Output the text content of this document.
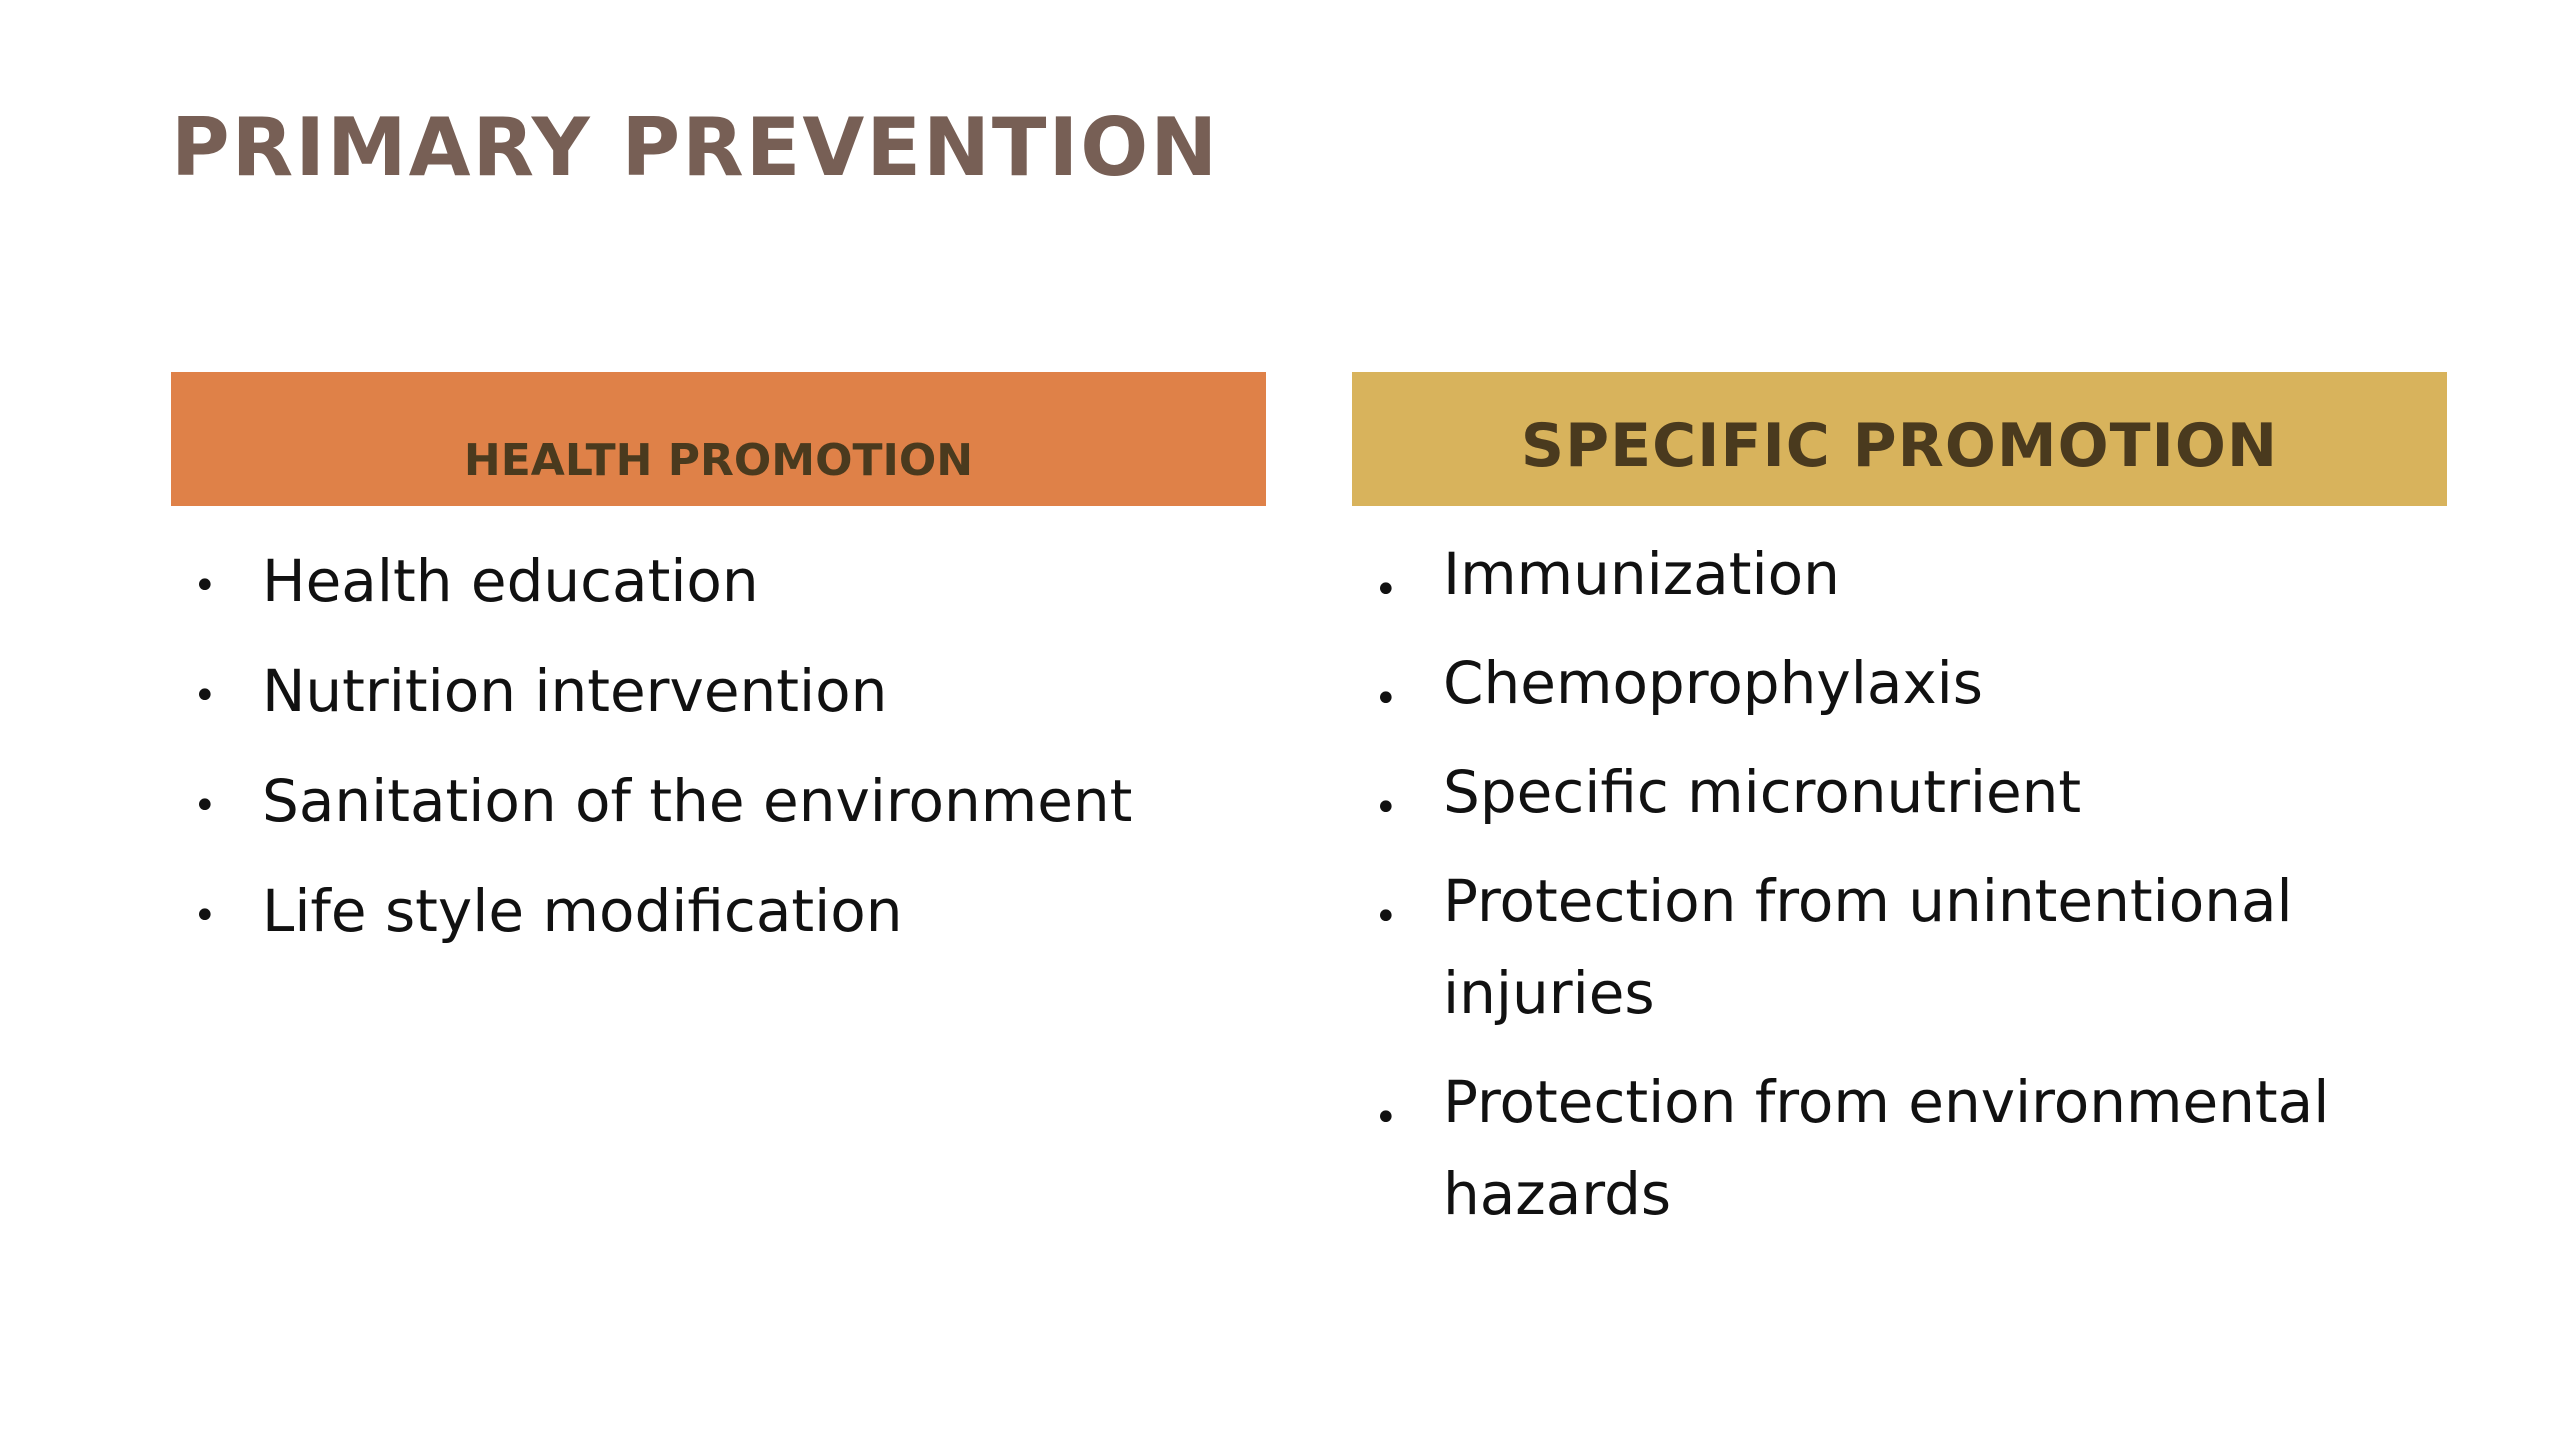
PRIMARY PREVENTION
HEALTH PROMOTION
• Health education
• Nutrition intervention
• Sanitation of the environment
• Life style modification
SPECIFIC PROMOTION
• Immunization
• Chemoprophylaxis
• Specific micronutrient
• Protection from unintentional injuries
• Protection from environmental hazards
